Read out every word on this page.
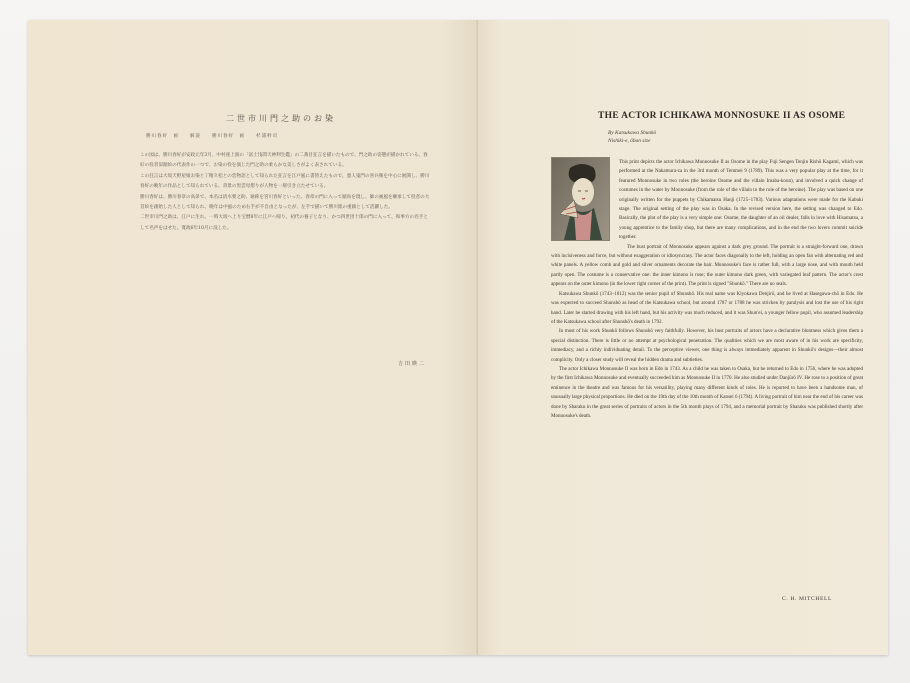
二世市川門之助のお染
勝川春好　画　　解説　　勝川春好　画　　杉浦幹司

この図は、勝川春好が安政元年3月、中村座上演の「富士浅間天神利生鑑」の二番目狂言を描いたもので、門之助の姿態が描かれている。春好の役者似顔絵の代表作の一つで、お染の役を演じた門之助の柔らかな美しさがよく表されている。

この狂言は大坂天野屋娘お染と丁稚久松との恋物語として知られた狂言を江戸風に書替えたもので、悪人鬼門の喜兵衛を中心に展開し、勝川春好の晩年の作品として知られている。背景の黒雲母摺りが人物を一層引き立たせている。

勝川春好は、勝川春章の高弟で、本名は清水要之助、通称を宮川春好といった。春章の門に入って頭角を現し、師の画風を継承して役者の大首絵を創始した人として知られ、晩年は中風のため右手が不自由となったが、左手で描いて勝川派の重鎮として活躍した。

二世市川門之助は、江戸に生れ、一時大坂へ上り宝暦8年に江戸へ帰り、初代の養子となり、かつ四世団十郎の門に入って、和事方の名手として名声をはせた。寛政6年10月に没した。

吉田暎二
THE ACTOR ICHIKAWA MONNOSUKE II AS OSOME
By Katsukawa Shunkō
Nishiki-e, ōban size

This print depicts the actor Ichikawa Monnosuke II as Osome in the play Fuji Sengen Tenjin Rishō Kagami, which was performed at the Nakamura-za in the 3rd month of Temmei 9 (1789). This was a very popular play at the time, for it featured Monnosuke in two roles (the heroine Osome and the villain Imaba-koun), and involved a quick change of costumes in the water by Monnosuke (from the role of the villain to the role of the heroine). The play was based on one originally written for the puppets by Chikamatsu Hanji (1725–1783). Various adaptations were made for the Kabuki stage. The original setting of the play was in Osaka. In the revised version here, the setting was changed to Edo. Basically, the plot of the play is a very simple one: Osome, the daughter of an oil dealer, falls in love with Hisamatsu, a young apprentice to the family shop, but there are many complications, and in the end the two lovers commit suicide together.

The bust portrait of Monnosuke appears against a dark grey ground. The portrait is a straight-forward one, drawn with incisiveness and force, but without exaggeration or idiosyncrasy. The actor faces diagonally to the left, holding an open fan with alternating red and white panels. A yellow comb and gold and silver ornaments decorate the hair. Monnosuke's face is rather full, with a large nose, and with mouth held partly open. The costume is a conservative one: the inner kimono is rose; the outer kimono dark green, with variegated leaf pattern. The actor's crest appears on the outer kimono (in the lower right corner of the print). The print is signed "Shunkō." There are no seals.

Katsukawa Shunkō (1743–1812) was the senior pupil of Shunshō. His real name was Kiyokawa Denjirō, and he lived at Hasegawa-chō in Edo. He was expected to succeed Shunshō as head of the Katsukawa school, but around 1787 or 1788 he was stricken by paralysis and lost the use of his right hand. Later he started drawing with his left hand, but his activity was much reduced, and it was Shun'ei, a younger fellow pupil, who assumed leadership of the Katsukawa school after Shunshō's death in 1792.

In most of his work Shunkō follows Shunshō very faithfully. However, his bust portraits of actors have a declarative bluntness which gives them a special distinction. There is little or no attempt at psychological penetration. The qualities which we are most aware of in his work are specificity, immediacy, and a richly individuating detail. To the perceptive viewer, one thing is always immediately apparent in Shunkō's designs—their almost complicity. Only a closer study will reveal the hidden drama and subtleties.

The actor Ichikawa Monnosuke II was born in Edo in 1743. As a child he was taken to Osaka, but he returned to Edo in 1756, where he was adopted by the first Ichikawa Monnosuke and eventually succeeded him as Monnosuke II in 1770. He also studied under Danjūrō IV. He rose to a position of great eminence in the theatre and was famous for his versatility, playing many different kinds of roles. He is reported to have been a handsome man, of unusually large physical proportions. He died on the 19th day of the 10th month of Kansei 6 (1794). A living portrait of him near the end of his career was done by Sharaku in the great series of portraits of actors in the 5th month plays of 1794, and a memorial portrait by Sharaku was published shortly after Monnosuke's death.

C. H. MITCHELL
